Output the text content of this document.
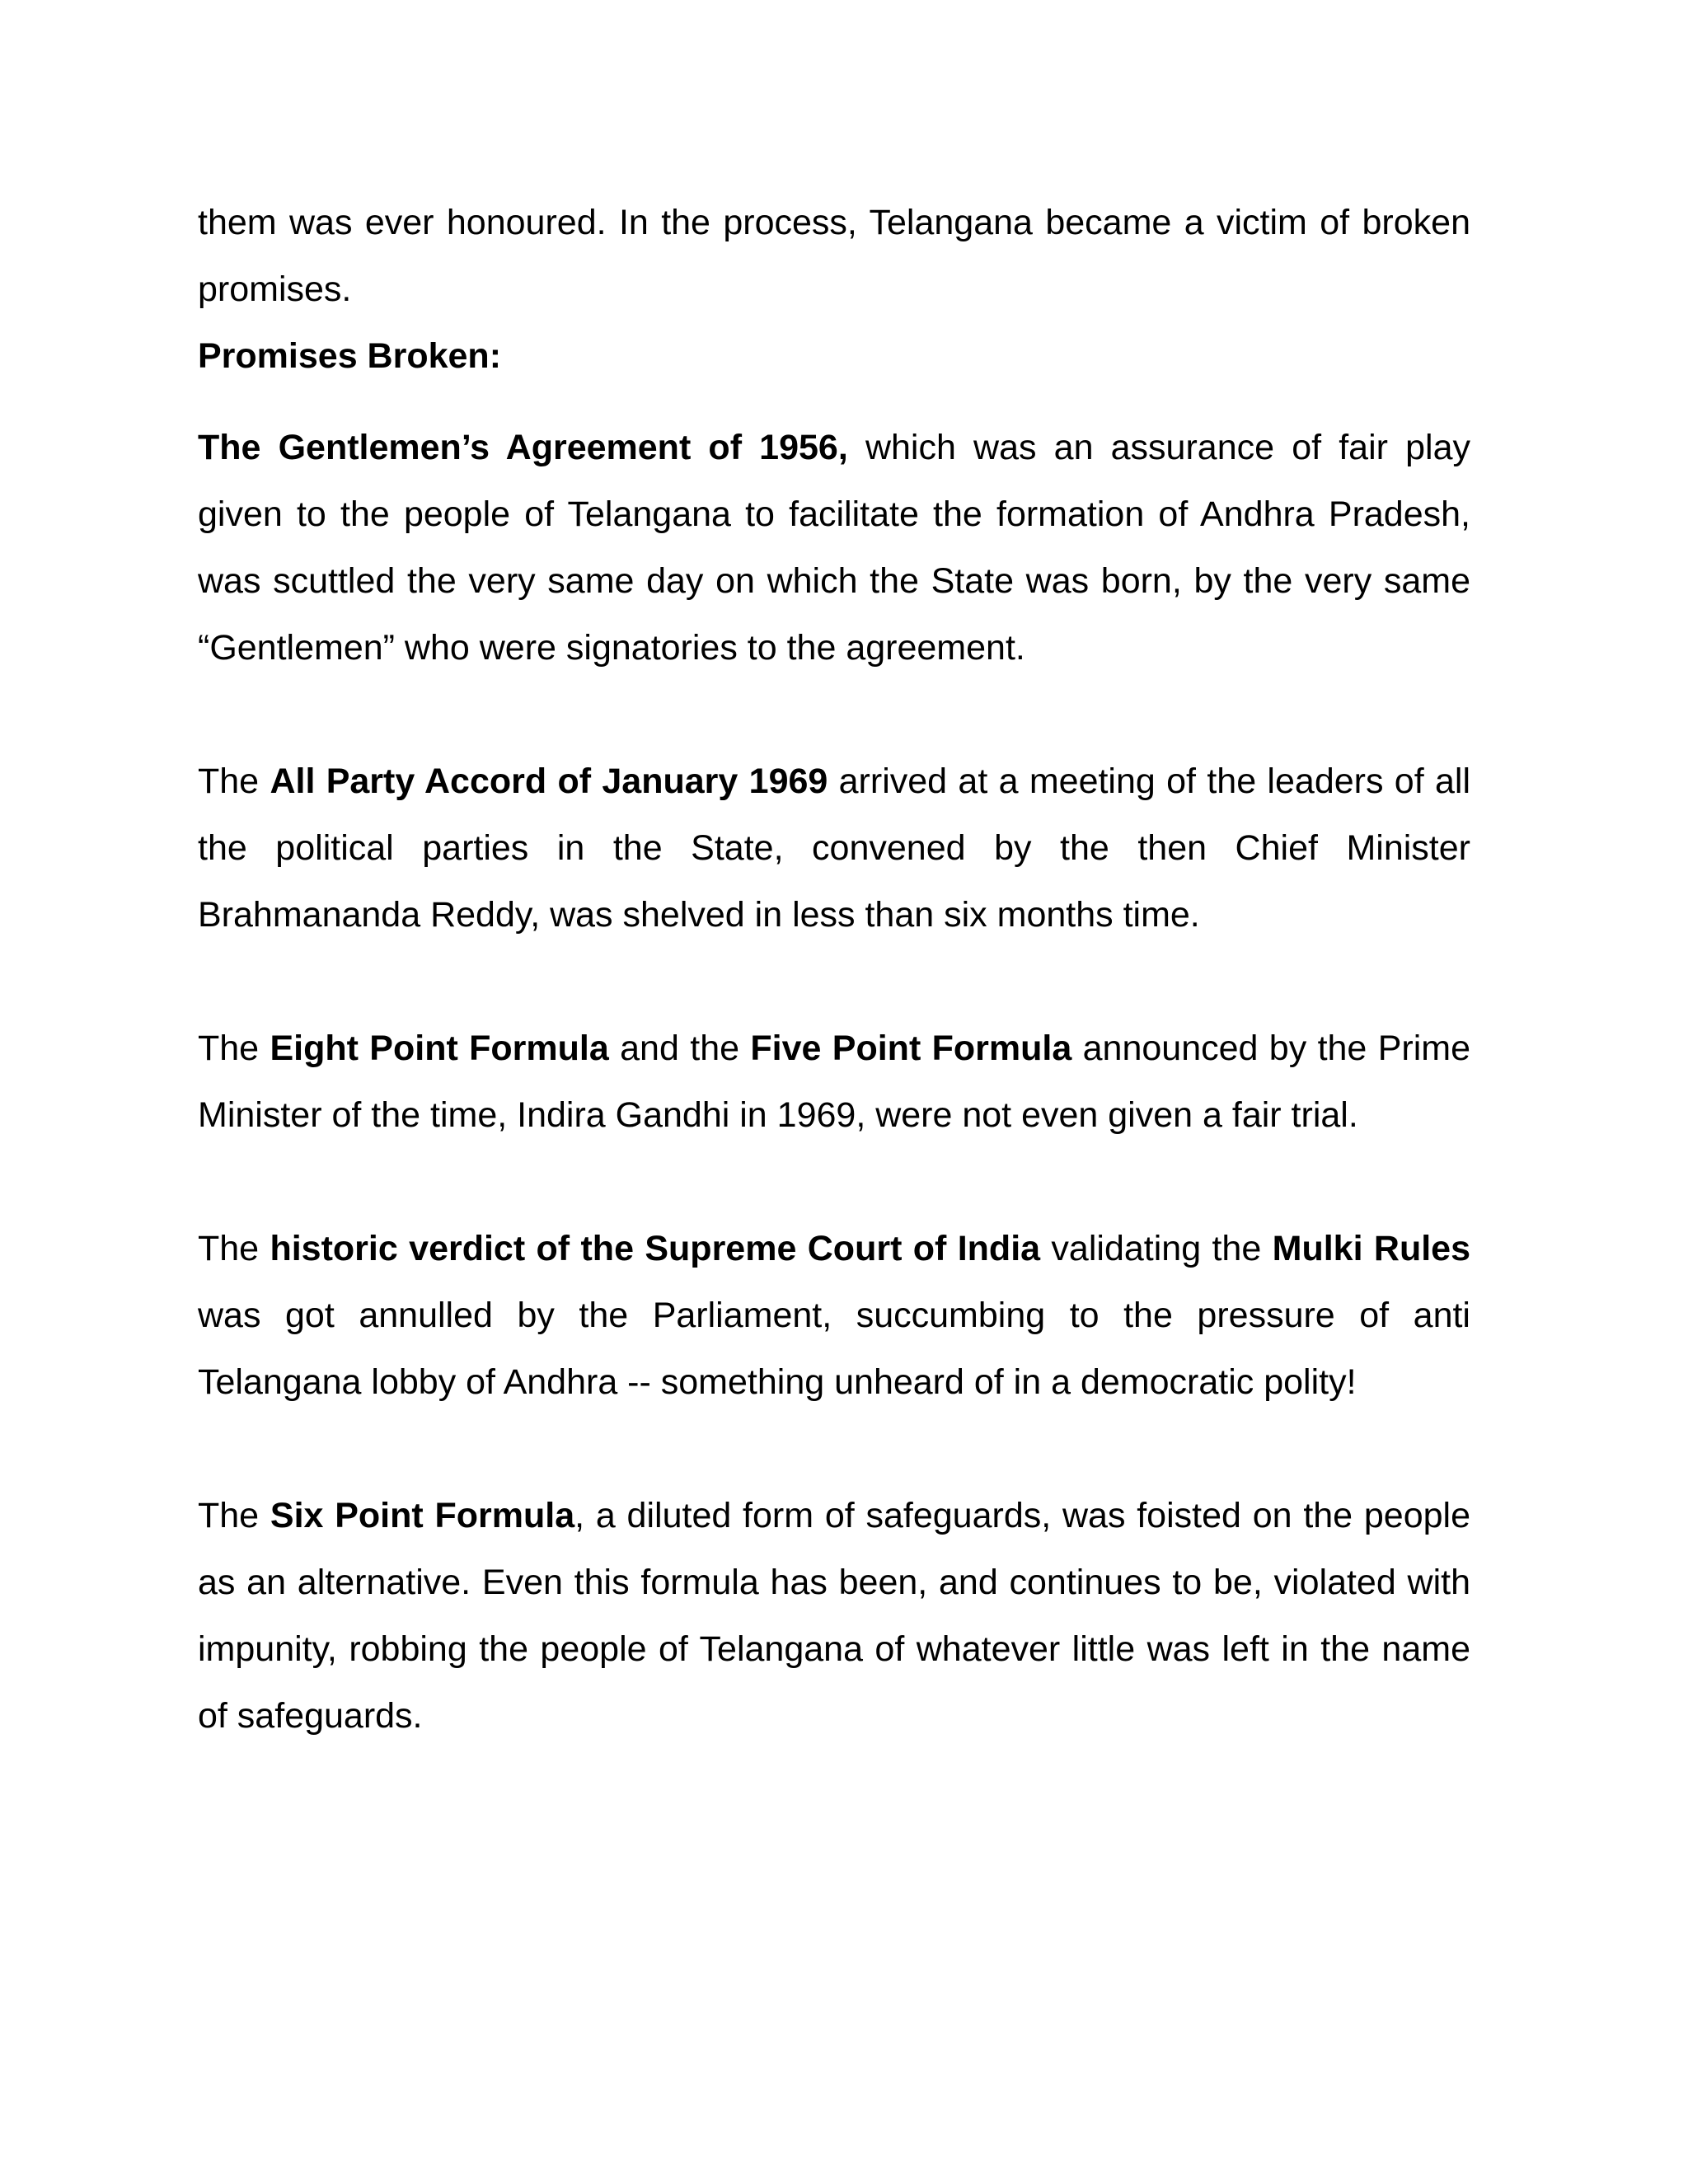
them was ever honoured. In the process, Telangana became a victim of broken promises.

Promises Broken:

The Gentlemen’s Agreement of 1956, which was an assurance of fair play given to the people of Telangana to facilitate the formation of Andhra Pradesh, was scuttled the very same day on which the State was born, by the very same “Gentlemen” who were signatories to the agreement.

The All Party Accord of January 1969 arrived at a meeting of the leaders of all the political parties in the State, convened by the then Chief Minister Brahmananda Reddy, was shelved in less than six months time.

The Eight Point Formula and the Five Point Formula announced by the Prime Minister of the time, Indira Gandhi in 1969, were not even given a fair trial.

The historic verdict of the Supreme Court of India validating the Mulki Rules was got annulled by the Parliament, succumbing to the pressure of anti Telangana lobby of Andhra -- something unheard of in a democratic polity!

The Six Point Formula, a diluted form of safeguards, was foisted on the people as an alternative. Even this formula has been, and continues to be, violated with impunity, robbing the people of Telangana of whatever little was left in the name of safeguards.
